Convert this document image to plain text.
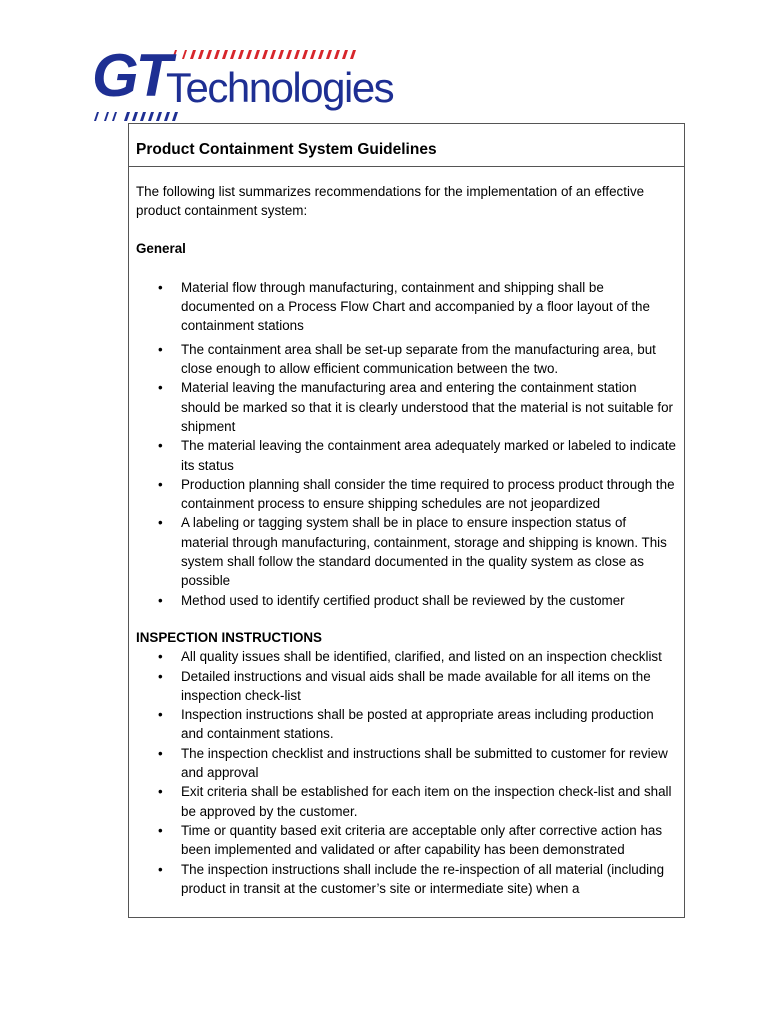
GT
Technologies
Product Containment System Guidelines

The following list summarizes recommendations for the implementation of an effective product containment system:

General
• Material flow through manufacturing, containment and shipping shall be documented on a Process Flow Chart and accompanied by a floor layout of the containment stations
• The containment area shall be set-up separate from the manufacturing area, but close enough to allow efficient communication between the two.
• Material leaving the manufacturing area and entering the containment station should be marked so that it is clearly understood that the material is not suitable for shipment
• The material leaving the containment area adequately marked or labeled to indicate its status
• Production planning shall consider the time required to process product through the containment process to ensure shipping schedules are not jeopardized
• A labeling or tagging system shall be in place to ensure inspection status of material through manufacturing, containment, storage and shipping is known. This system shall follow the standard documented in the quality system as close as possible
• Method used to identify certified product shall be reviewed by the customer
INSPECTION INSTRUCTIONS
• All quality issues shall be identified, clarified, and listed on an inspection checklist
• Detailed instructions and visual aids shall be made available for all items on the inspection check-list
• Inspection instructions shall be posted at appropriate areas including production and containment stations.
• The inspection checklist and instructions shall be submitted to customer for review and approval
• Exit criteria shall be established for each item on the inspection check-list and shall be approved by the customer.
• Time or quantity based exit criteria are acceptable only after corrective action has been implemented and validated or after capability has been demonstrated
• The inspection instructions shall include the re-inspection of all material (including product in transit at the customer’s site or intermediate site) when a
